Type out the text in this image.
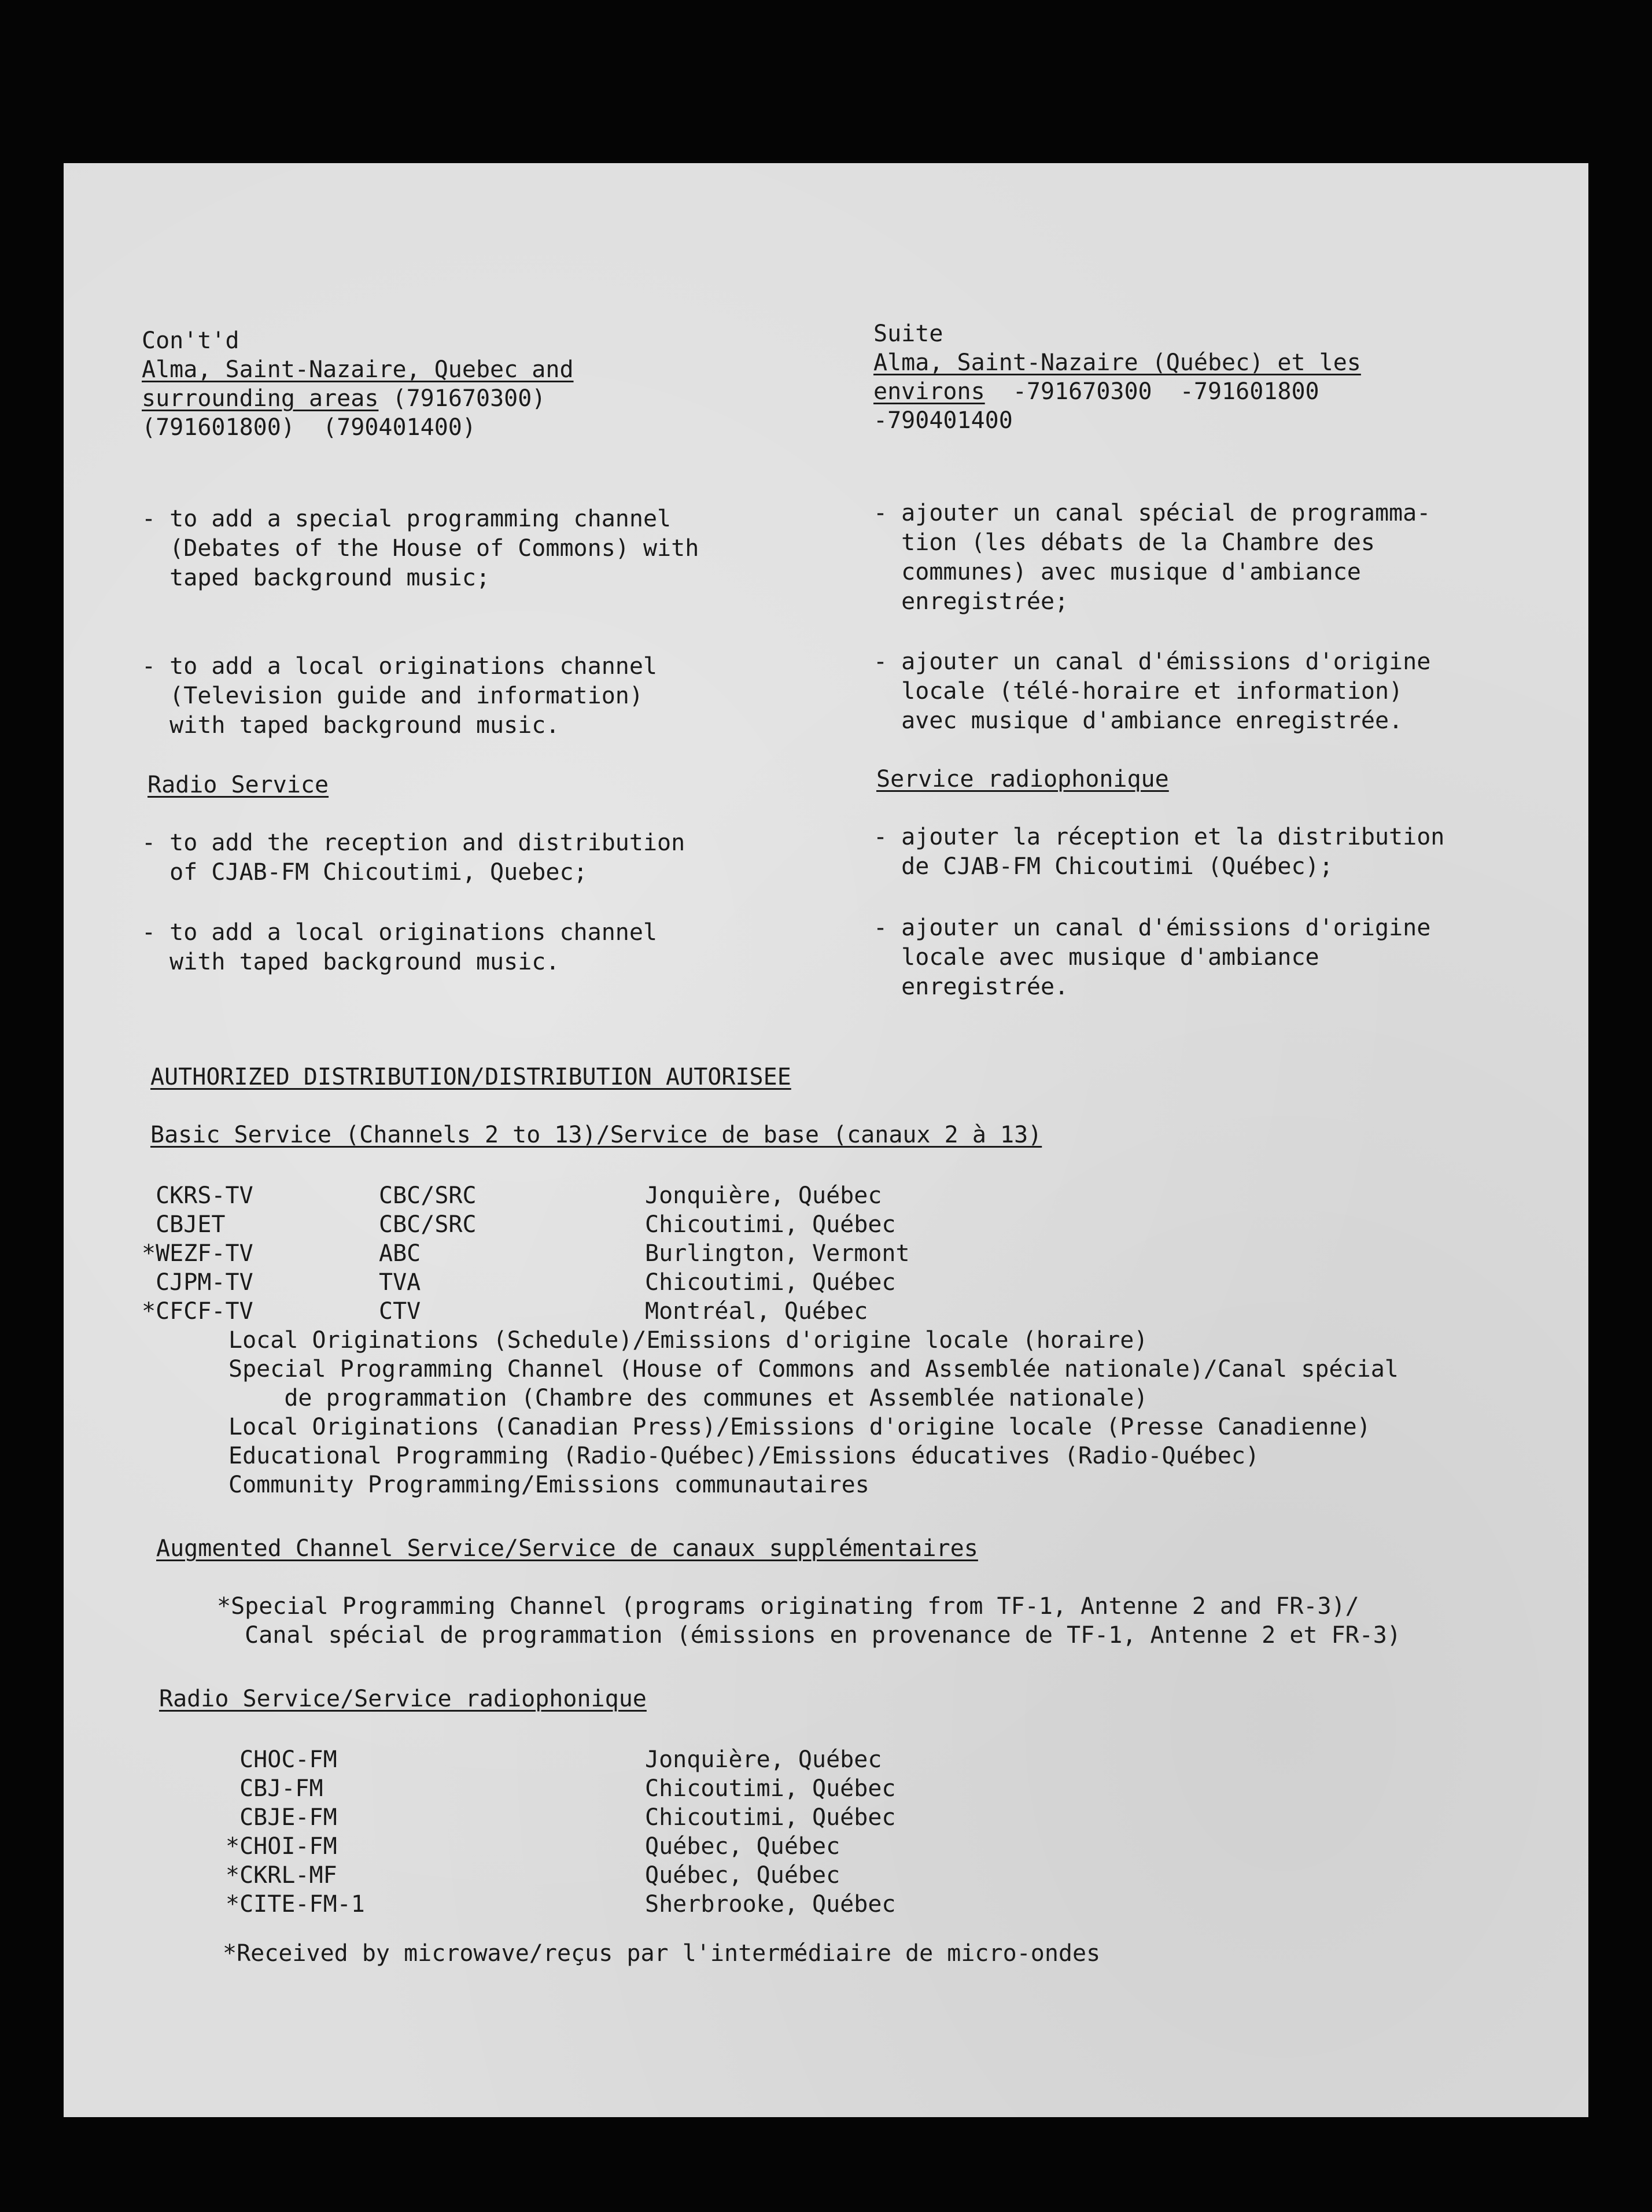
Con't'd
Alma, Saint-Nazaire, Quebec and
surrounding areas (791670300)
(791601800)  (790401400)
Suite
Alma, Saint-Nazaire (Québec) et les
environs  -791670300  -791601800
-790401400
- to add a special programming channel
(Debates of the House of Commons) with
taped background music;
- to add a local originations channel
(Television guide and information)
with taped background music.
- ajouter un canal spécial de programma-
tion (les débats de la Chambre des
communes) avec musique d'ambiance
enregistrée;
- ajouter un canal d'émissions d'origine
locale (télé-horaire et information)
avec musique d'ambiance enregistrée.
Radio Service
- to add the reception and distribution
of CJAB-FM Chicoutimi, Quebec;
- to add a local originations channel
with taped background music.
Service radiophonique
- ajouter la réception et la distribution
de CJAB-FM Chicoutimi (Québec);
- ajouter un canal d'émissions d'origine
locale avec musique d'ambiance
enregistrée.
AUTHORIZED DISTRIBUTION/DISTRIBUTION AUTORISEE
Basic Service (Channels 2 to 13)/Service de base (canaux 2 à 13)
CKRS-TV	CBC/SRC	Jonquière, Québec
CBJET	CBC/SRC	Chicoutimi, Québec
*WEZF-TV	ABC	Burlington, Vermont
CJPM-TV	TVA	Chicoutimi, Québec
*CFCF-TV	CTV	Montréal, Québec
Local Originations (Schedule)/Emissions d'origine locale (horaire)
Special Programming Channel (House of Commons and Assemblée nationale)/Canal spécial
de programmation (Chambre des communes et Assemblée nationale)
Local Originations (Canadian Press)/Emissions d'origine locale (Presse Canadienne)
Educational Programming (Radio-Québec)/Emissions éducatives (Radio-Québec)
Community Programming/Emissions communautaires
Augmented Channel Service/Service de canaux supplémentaires
*Special Programming Channel (programs originating from TF-1, Antenne 2 and FR-3)/
Canal spécial de programmation (émissions en provenance de TF-1, Antenne 2 et FR-3)
Radio Service/Service radiophonique
CHOC-FM	Jonquière, Québec
CBJ-FM	Chicoutimi, Québec
CBJE-FM	Chicoutimi, Québec
*CHOI-FM	Québec, Québec
*CKRL-MF	Québec, Québec
*CITE-FM-1	Sherbrooke, Québec
*Received by microwave/reçus par l'intermédiaire de micro-ondes
